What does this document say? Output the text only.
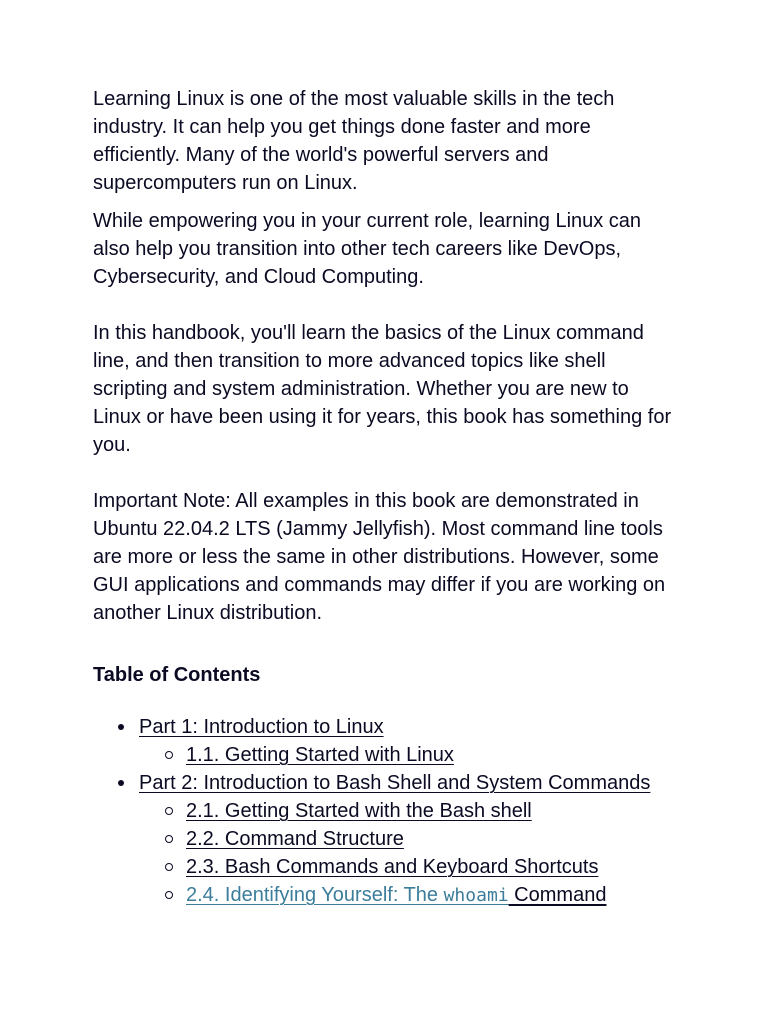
Learning Linux is one of the most valuable skills in the tech industry. It can help you get things done faster and more efficiently. Many of the world's powerful servers and supercomputers run on Linux.

While empowering you in your current role, learning Linux can also help you transition into other tech careers like DevOps, Cybersecurity, and Cloud Computing.

In this handbook, you'll learn the basics of the Linux command line, and then transition to more advanced topics like shell scripting and system administration. Whether you are new to Linux or have been using it for years, this book has something for you.

Important Note: All examples in this book are demonstrated in Ubuntu 22.04.2 LTS (Jammy Jellyfish). Most command line tools are more or less the same in other distributions. However, some GUI applications and commands may differ if you are working on another Linux distribution.

Table of Contents
Part 1: Introduction to Linux
1.1. Getting Started with Linux
Part 2: Introduction to Bash Shell and System Commands
2.1. Getting Started with the Bash shell
2.2. Command Structure
2.3. Bash Commands and Keyboard Shortcuts
2.4. Identifying Yourself: The whoami Command
